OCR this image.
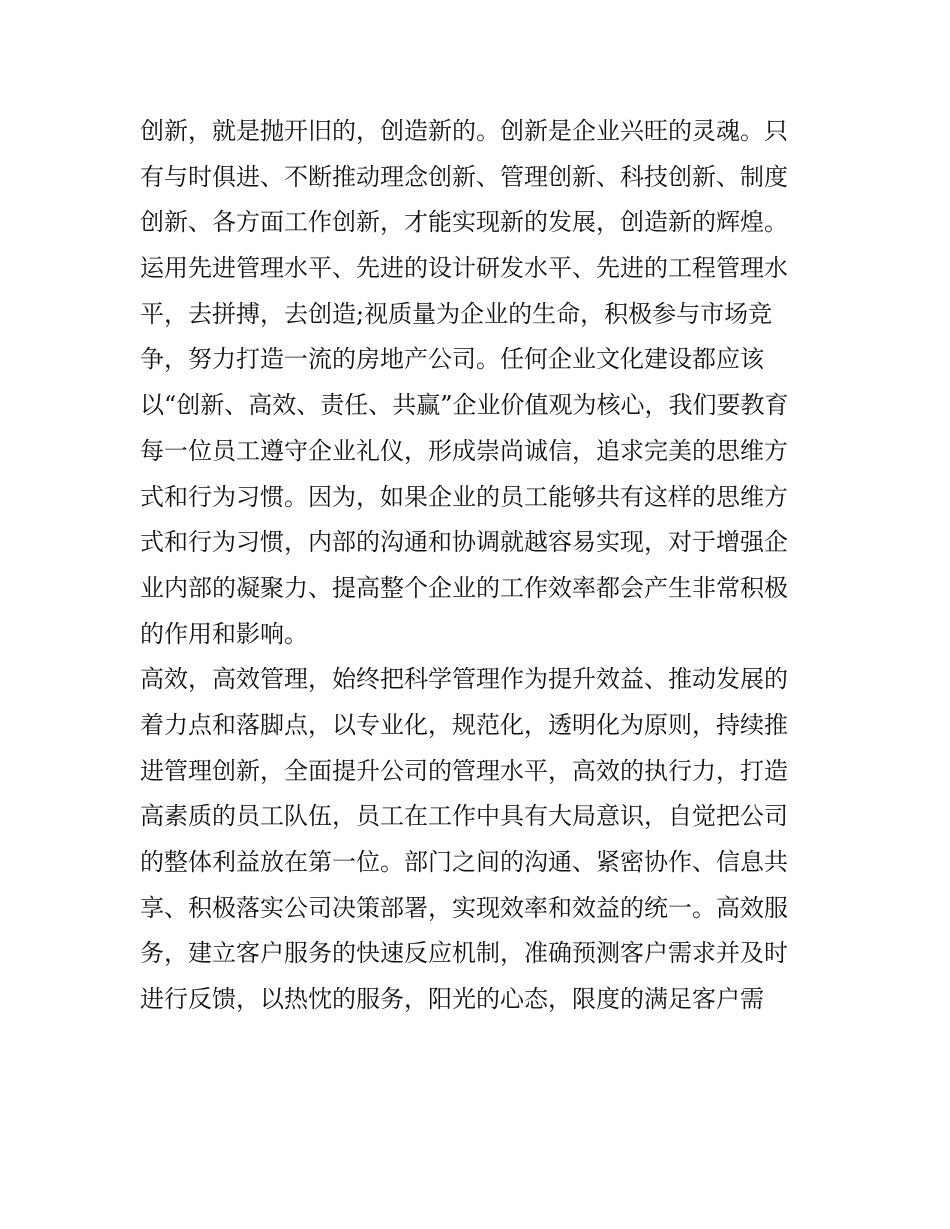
创新，就是抛开旧的，创造新的。创新是企业兴旺的灵魂。只
有与时俱进、不断推动理念创新、管理创新、科技创新、制度
创新、各方面工作创新，才能实现新的发展，创造新的辉煌。
运用先进管理水平、先进的设计研发水平、先进的工程管理水
平，去拼搏，去创造;视质量为企业的生命，积极参与市场竞
争，努力打造一流的房地产公司。任何企业文化建设都应该
以“创新、高效、责任、共赢”企业价值观为核心，我们要教育
每一位员工遵守企业礼仪，形成崇尚诚信，追求完美的思维方
式和行为习惯。因为，如果企业的员工能够共有这样的思维方
式和行为习惯，内部的沟通和协调就越容易实现，对于增强企
业内部的凝聚力、提高整个企业的工作效率都会产生非常积极
的作用和影响。
高效，高效管理，始终把科学管理作为提升效益、推动发展的
着力点和落脚点，以专业化，规范化，透明化为原则，持续推
进管理创新，全面提升公司的管理水平，高效的执行力，打造
高素质的员工队伍，员工在工作中具有大局意识，自觉把公司
的整体利益放在第一位。部门之间的沟通、紧密协作、信息共
享、积极落实公司决策部署，实现效率和效益的统一。高效服
务，建立客户服务的快速反应机制，准确预测客户需求并及时
进行反馈，以热忱的服务，阳光的心态，限度的满足客户需
